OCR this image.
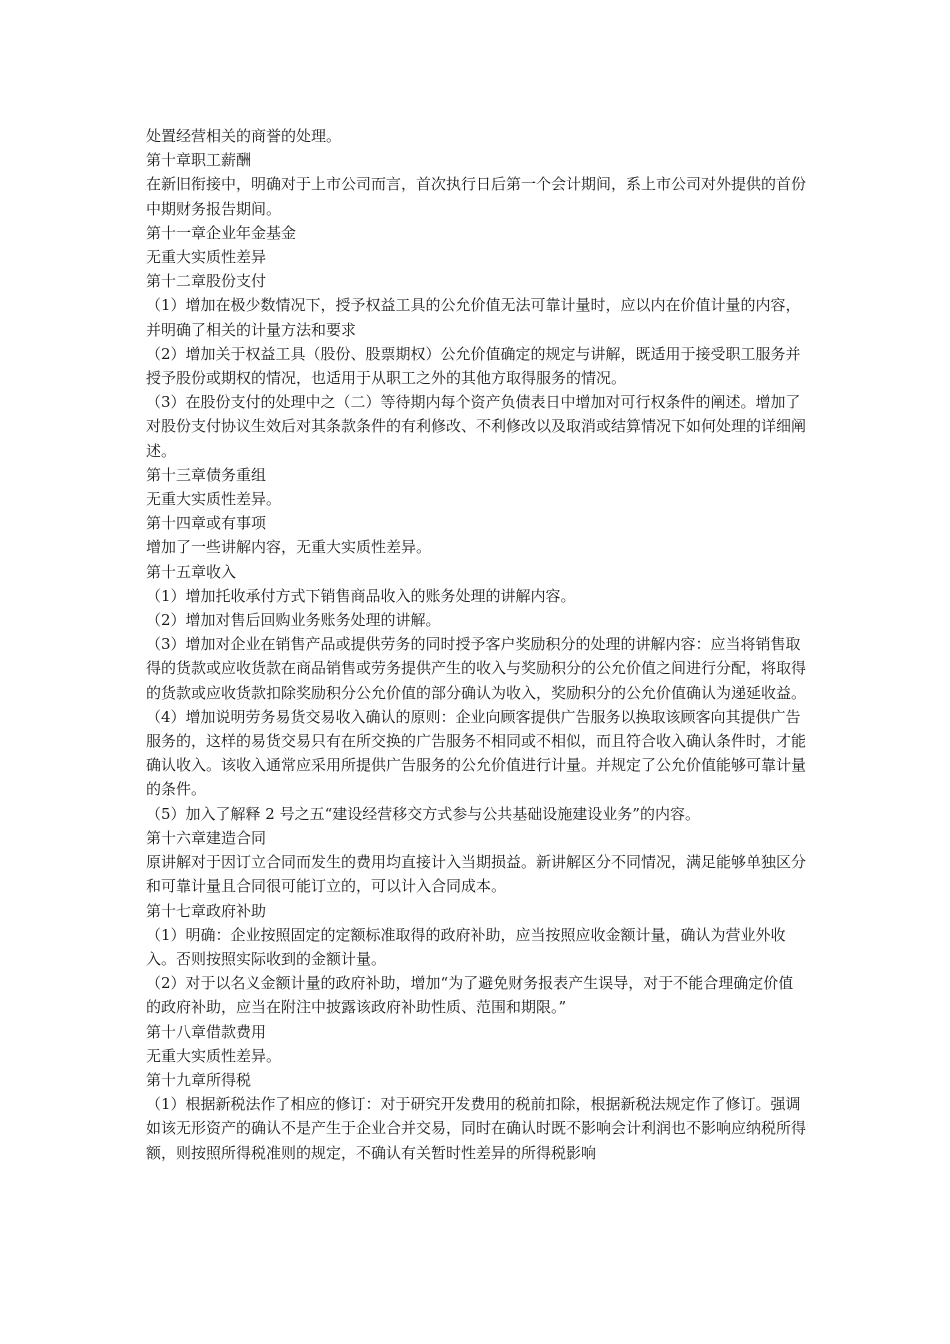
处置经营相关的商誉的处理。

第十章职工薪酬

在新旧衔接中，明确对于上市公司而言，首次执行日后第一个会计期间，系上市公司对外提供的首份中期财务报告期间。

第十一章企业年金基金

无重大实质性差异

第十二章股份支付

（1）增加在极少数情况下，授予权益工具的公允价值无法可靠计量时，应以内在价值计量的内容，并明确了相关的计量方法和要求

（2）增加关于权益工具（股份、股票期权）公允价值确定的规定与讲解，既适用于接受职工服务并授予股份或期权的情况，也适用于从职工之外的其他方取得服务的情况。

（3）在股份支付的处理中之（二）等待期内每个资产负债表日中增加对可行权条件的阐述。增加了对股份支付协议生效后对其条款条件的有利修改、不利修改以及取消或结算情况下如何处理的详细阐述。

第十三章债务重组

无重大实质性差异。

第十四章或有事项

增加了一些讲解内容，无重大实质性差异。

第十五章收入

（1）增加托收承付方式下销售商品收入的账务处理的讲解内容。

（2）增加对售后回购业务账务处理的讲解。

（3）增加对企业在销售产品或提供劳务的同时授予客户奖励积分的处理的讲解内容：应当将销售取得的货款或应收货款在商品销售或劳务提供产生的收入与奖励积分的公允价值之间进行分配，将取得的货款或应收货款扣除奖励积分公允价值的部分确认为收入，奖励积分的公允价值确认为递延收益。

（4）增加说明劳务易货交易收入确认的原则：企业向顾客提供广告服务以换取该顾客向其提供广告服务的，这样的易货交易只有在所交换的广告服务不相同或不相似，而且符合收入确认条件时，才能确认收入。该收入通常应采用所提供广告服务的公允价值进行计量。并规定了公允价值能够可靠计量的条件。

（5）加入了解释 2 号之五“建设经营移交方式参与公共基础设施建设业务”的内容。

第十六章建造合同

原讲解对于因订立合同而发生的费用均直接计入当期损益。新讲解区分不同情况，满足能够单独区分和可靠计量且合同很可能订立的，可以计入合同成本。

第十七章政府补助

（1）明确：企业按照固定的定额标准取得的政府补助，应当按照应收金额计量，确认为营业外收入。否则按照实际收到的金额计量。

（2）对于以名义金额计量的政府补助，增加“为了避免财务报表产生误导，对于不能合理确定价值的政府补助，应当在附注中披露该政府补助性质、范围和期限。”

第十八章借款费用

无重大实质性差异。

第十九章所得税

（1）根据新税法作了相应的修订：对于研究开发费用的税前扣除，根据新税法规定作了修订。强调如该无形资产的确认不是产生于企业合并交易，同时在确认时既不影响会计利润也不影响应纳税所得额，则按照所得税准则的规定，不确认有关暂时性差异的所得税影响
